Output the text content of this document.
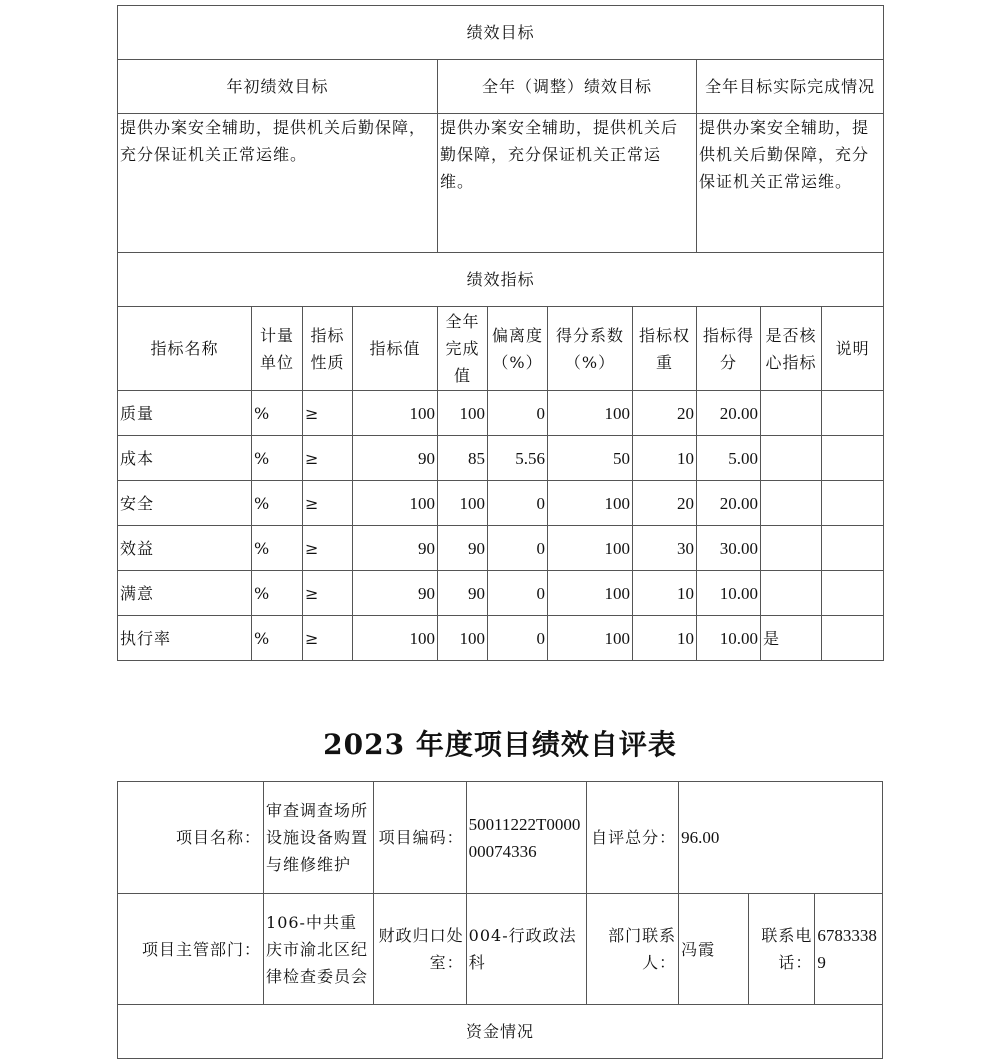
绩效目标										
年初绩效目标				全年（调整）绩效目标				全年目标实际完成情况		
提供办案安全辅助，提供机关后勤保障，充分保证机关正常运维。				提供办案安全辅助，提供机关后勤保障，充分保证机关正常运维。				提供办案安全辅助，提供机关后勤保障，充分保证机关正常运维。		
绩效指标										
指标名称	计量单位	指标性质	指标值	全年完成值	偏离度（%）	得分系数（%）	指标权重	指标得分	是否核心指标	说明
质量	%	≥	100	100	0	100	20	20.00		
成本	%	≥	90	85	5.56	50	10	5.00		
安全	%	≥	100	100	0	100	20	20.00		
效益	%	≥	90	90	0	100	30	30.00		
满意	%	≥	90	90	0	100	10	10.00		
执行率	%	≥	100	100	0	100	10	10.00	是	
2023 年度项目绩效自评表
项目名称：	审查调查场所设施设备购置与维修维护	项目编码：	50011222T000000074336	自评总分：	96.00		
项目主管部门：	106-中共重庆市渝北区纪律检查委员会	财政归口处室：	004-行政政法科	部门联系人：	冯霞	联系电话：	67833389
资金情况							
